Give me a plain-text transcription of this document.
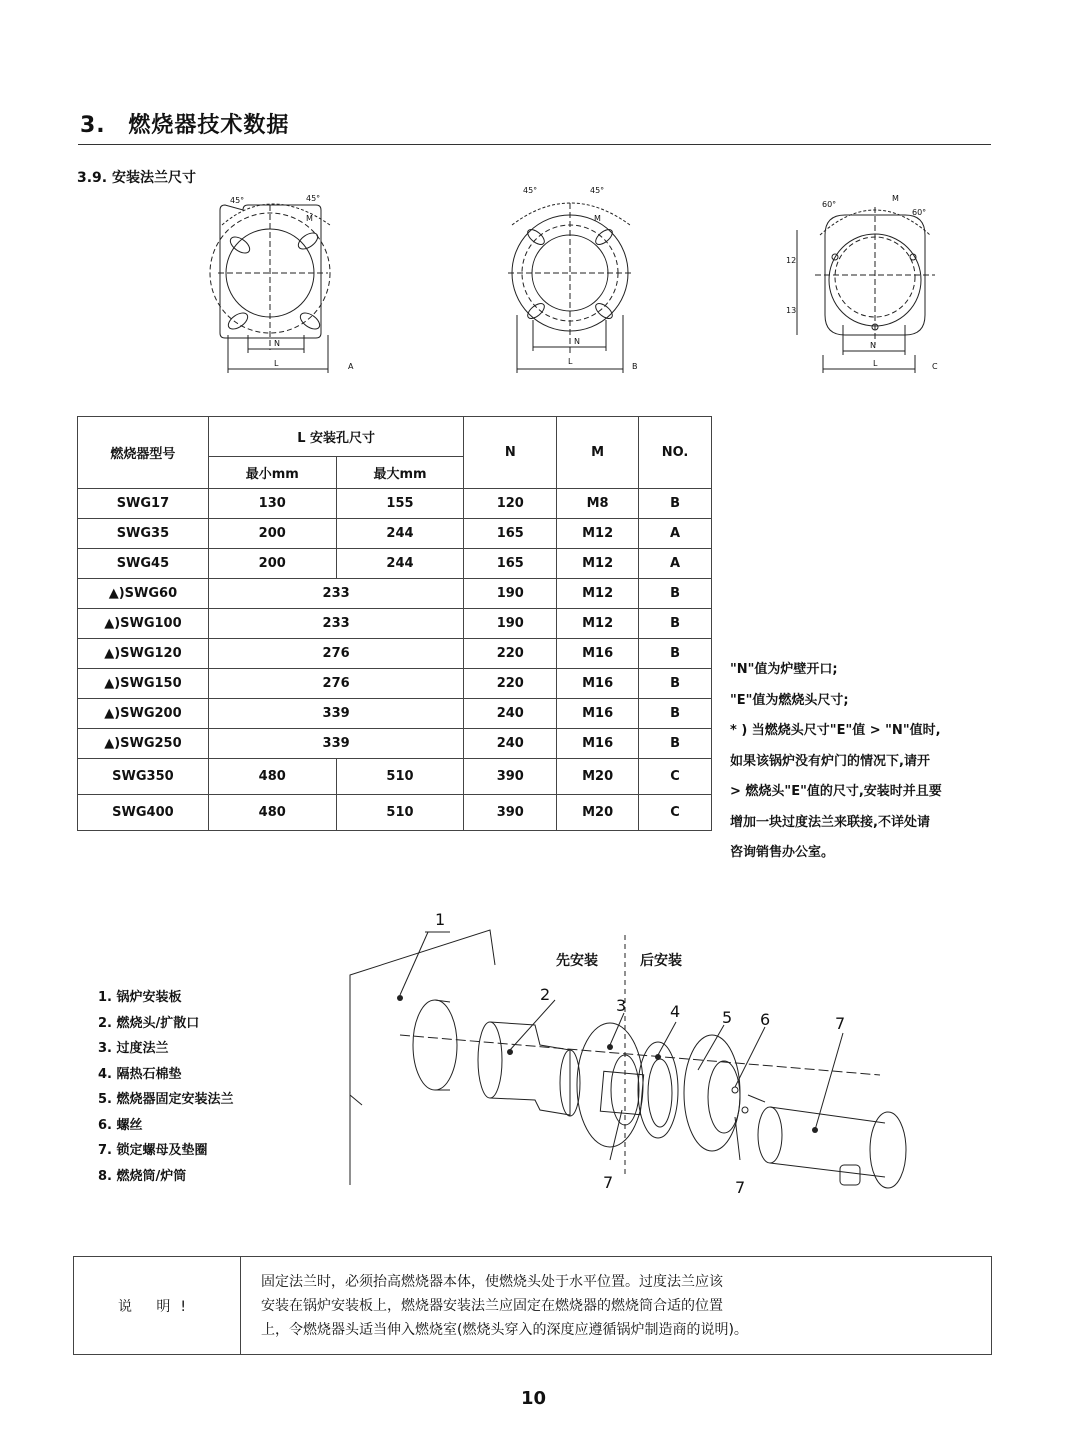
3. 燃烧器技术数据
3.9. 安装法兰尺寸
45°	45°
M
N
L	A
45°	45°
M
N
L
B
60°
60°
M
12
13
N
L	C
燃烧器型号	L 安装孔尺寸		N	M	NO.
	最小mm	最大mm			
SWG17	130	155	120	M8	B
SWG35	200	244	165	M12	A
SWG45	200	244	165	M12	A
▲)SWG60	233		190	M12	B
▲)SWG100	233		190	M12	B
▲)SWG120	276		220	M16	B
▲)SWG150	276		220	M16	B
▲)SWG200	339		240	M16	B
▲)SWG250	339		240	M16	B
SWG350	480	510	390	M20	C
SWG400	480	510	390	M20	C
"N"值为炉壁开口;
"E"值为燃烧头尺寸;
* ) 当燃烧头尺寸"E"值 > "N"值时,
如果该锅炉没有炉门的情况下,请开
> 燃烧头"E"值的尺寸,安装时并且要
增加一块过度法兰来联接,不详处请
咨询销售办公室。
1. 锅炉安装板
2. 燃烧头/扩散口
3. 过度法兰
4. 隔热石棉垫
5. 燃烧器固定安装法兰
6. 螺丝
7. 锁定螺母及垫圈
8. 燃烧筒/炉筒
先安装	后安装
1
2
3	4	5 6	7
7	7
说 明!
固定法兰时，必须抬高燃烧器本体，使燃烧头处于水平位置。过度法兰应该
安装在锅炉安装板上，燃烧器安装法兰应固定在燃烧器的燃烧筒合适的位置
上，令燃烧器头适当伸入燃烧室(燃烧头穿入的深度应遵循锅炉制造商的说明)。
10
